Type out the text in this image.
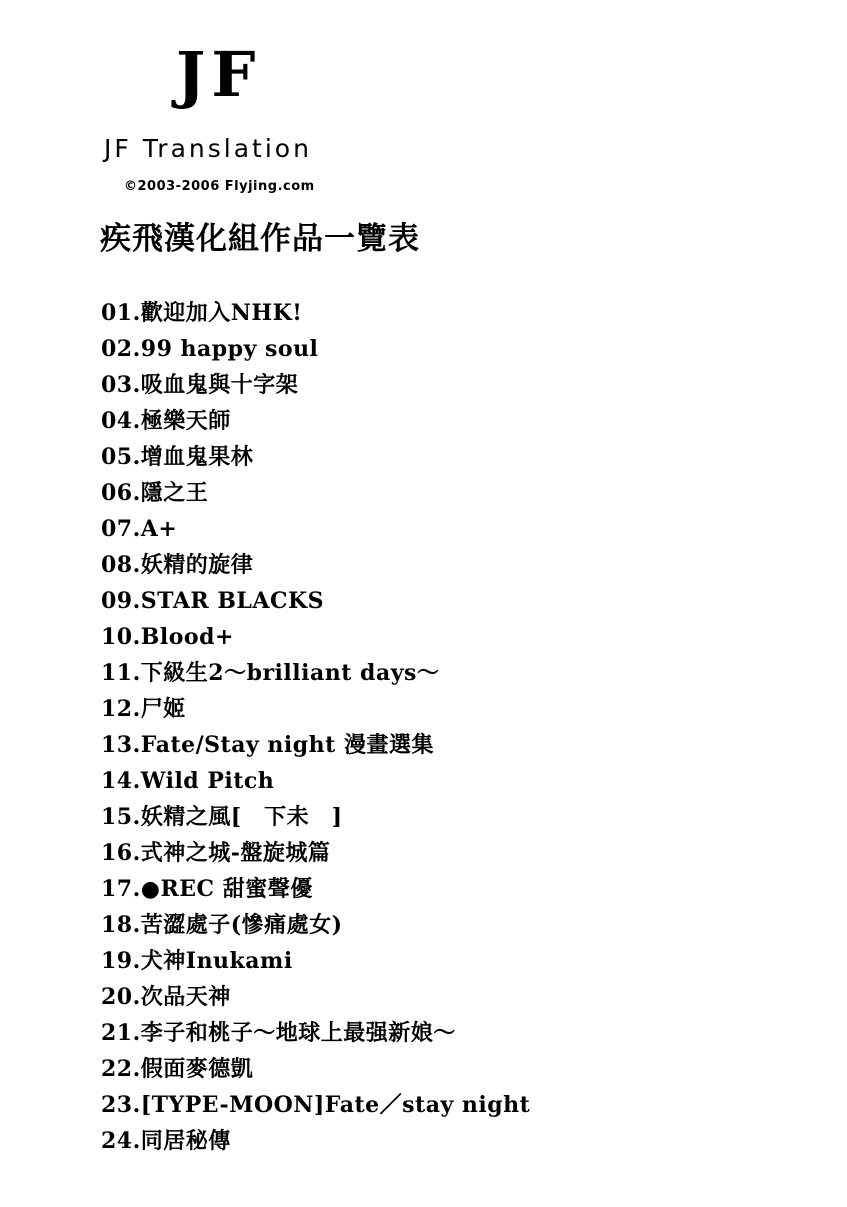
JF
JF Translation
©2003-2006 Flyjing.com
疾飛漢化組作品一覽表
01.歡迎加入NHK!
02.99 happy soul
03.吸血鬼與十字架
04.極樂天師
05.增血鬼果林
06.隱之王
07.A+
08.妖精的旋律
09.STAR BLACKS
10.Blood+
11.下級生2～brilliant days～
12.尸姬
13.Fate/Stay night 漫畫選集
14.Wild Pitch
15.妖精之風[　下未　]
16.式神之城-盤旋城篇
17.●REC 甜蜜聲優
18.苦澀處子(慘痛處女)
19.犬神Inukami
20.次品天神
21.李子和桃子～地球上最强新娘～
22.假面麥德凱
23.[TYPE-MOON]Fate／stay night
24.同居秘傳
